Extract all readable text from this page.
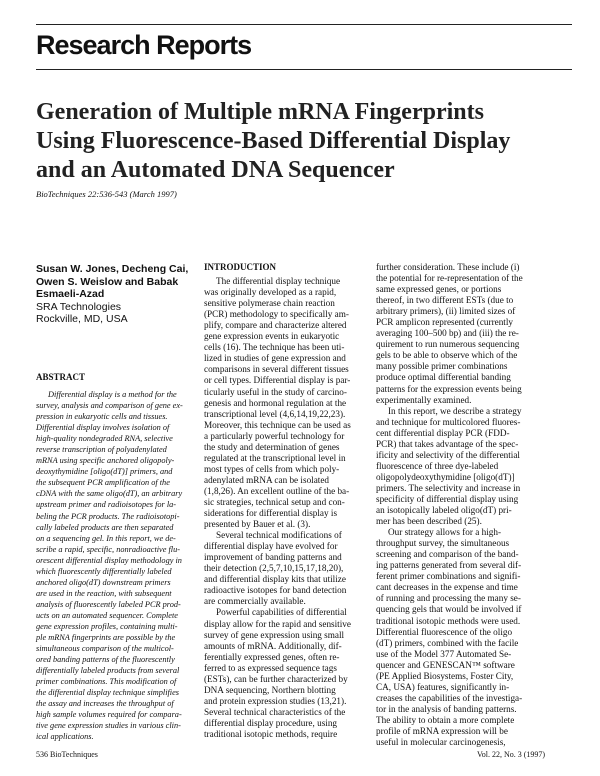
Research Reports
Generation of Multiple mRNA Fingerprints
Using Fluorescence-Based Differential Display
and an Automated DNA Sequencer
BioTechniques 22:536-543 (March 1997)
Susan W. Jones, Decheng Cai,
Owen S. Weislow and Babak
Esmaeli-Azad
SRA Technologies
Rockville, MD, USA
ABSTRACT
Differential display is a method for the
survey, analysis and comparison of gene ex-
pression in eukaryotic cells and tissues.
Differential display involves isolation of
high-quality nondegraded RNA, selective
reverse transcription of polyadenylated
mRNA using specific anchored oligopoly-
deoxythymidine [oligo(dT)] primers, and
the subsequent PCR amplification of the
cDNA with the same oligo(dT), an arbitrary
upstream primer and radioisotopes for la-
beling the PCR products. The radioisotopi-
cally labeled products are then separated
on a sequencing gel. In this report, we de-
scribe a rapid, specific, nonradioactive flu-
orescent differential display methodology in
which fluorescently differentially labeled
anchored oligo(dT) downstream primers
are used in the reaction, with subsequent
analysis of fluorescently labeled PCR prod-
ucts on an automated sequencer. Complete
gene expression profiles, containing multi-
ple mRNA fingerprints are possible by the
simultaneous comparison of the multicol-
ored banding patterns of the fluorescently
differentially labeled products from several
primer combinations. This modification of
the differential display technique simplifies
the assay and increases the throughput of
high sample volumes required for compara-
tive gene expression studies in various clin-
ical applications.
INTRODUCTION
The differential display technique
was originally developed as a rapid,
sensitive polymerase chain reaction
(PCR) methodology to specifically am-
plify, compare and characterize altered
gene expression events in eukaryotic
cells (16). The technique has been uti-
lized in studies of gene expression and
comparisons in several different tissues
or cell types. Differential display is par-
ticularly useful in the study of carcino-
genesis and hormonal regulation at the
transcriptional level (4,6,14,19,22,23).
Moreover, this technique can be used as
a particularly powerful technology for
the study and determination of genes
regulated at the transcriptional level in
most types of cells from which poly-
adenylated mRNA can be isolated
(1,8,26). An excellent outline of the ba-
sic strategies, technical setup and con-
siderations for differential display is
presented by Bauer et al. (3).
Several technical modifications of
differential display have evolved for
improvement of banding patterns and
their detection (2,5,7,10,15,17,18,20),
and differential display kits that utilize
radioactive isotopes for band detection
are commercially available.
Powerful capabilities of differential
display allow for the rapid and sensitive
survey of gene expression using small
amounts of mRNA. Additionally, dif-
ferentially expressed genes, often re-
ferred to as expressed sequence tags
(ESTs), can be further characterized by
DNA sequencing, Northern blotting
and protein expression studies (13,21).
Several technical characteristics of the
differential display procedure, using
traditional isotopic methods, require
further consideration. These include (i)
the potential for re-representation of the
same expressed genes, or portions
thereof, in two different ESTs (due to
arbitrary primers), (ii) limited sizes of
PCR amplicon represented (currently
averaging 100–500 bp) and (iii) the re-
quirement to run numerous sequencing
gels to be able to observe which of the
many possible primer combinations
produce optimal differential banding
patterns for the expression events being
experimentally examined.
In this report, we describe a strategy
and technique for multicolored fluores-
cent differential display PCR (FDD-
PCR) that takes advantage of the spec-
ificity and selectivity of the differential
fluorescence of three dye-labeled
oligopolydeoxythymidine [oligo(dT)]
primers. The selectivity and increase in
specificity of differential display using
an isotopically labeled oligo(dT) pri-
mer has been described (25).
Our strategy allows for a high-
throughput survey, the simultaneous
screening and comparison of the band-
ing patterns generated from several dif-
ferent primer combinations and signifi-
cant decreases in the expense and time
of running and processing the many se-
quencing gels that would be involved if
traditional isotopic methods were used.
Differential fluorescence of the oligo
(dT) primers, combined with the facile
use of the Model 377 Automated Se-
quencer and GENESCAN™ software
(PE Applied Biosystems, Foster City,
CA, USA) features, significantly in-
creases the capabilities of the investiga-
tor in the analysis of banding patterns.
The ability to obtain a more complete
profile of mRNA expression will be
useful in molecular carcinogenesis,
536 BioTechniques	Vol. 22, No. 3 (1997)
